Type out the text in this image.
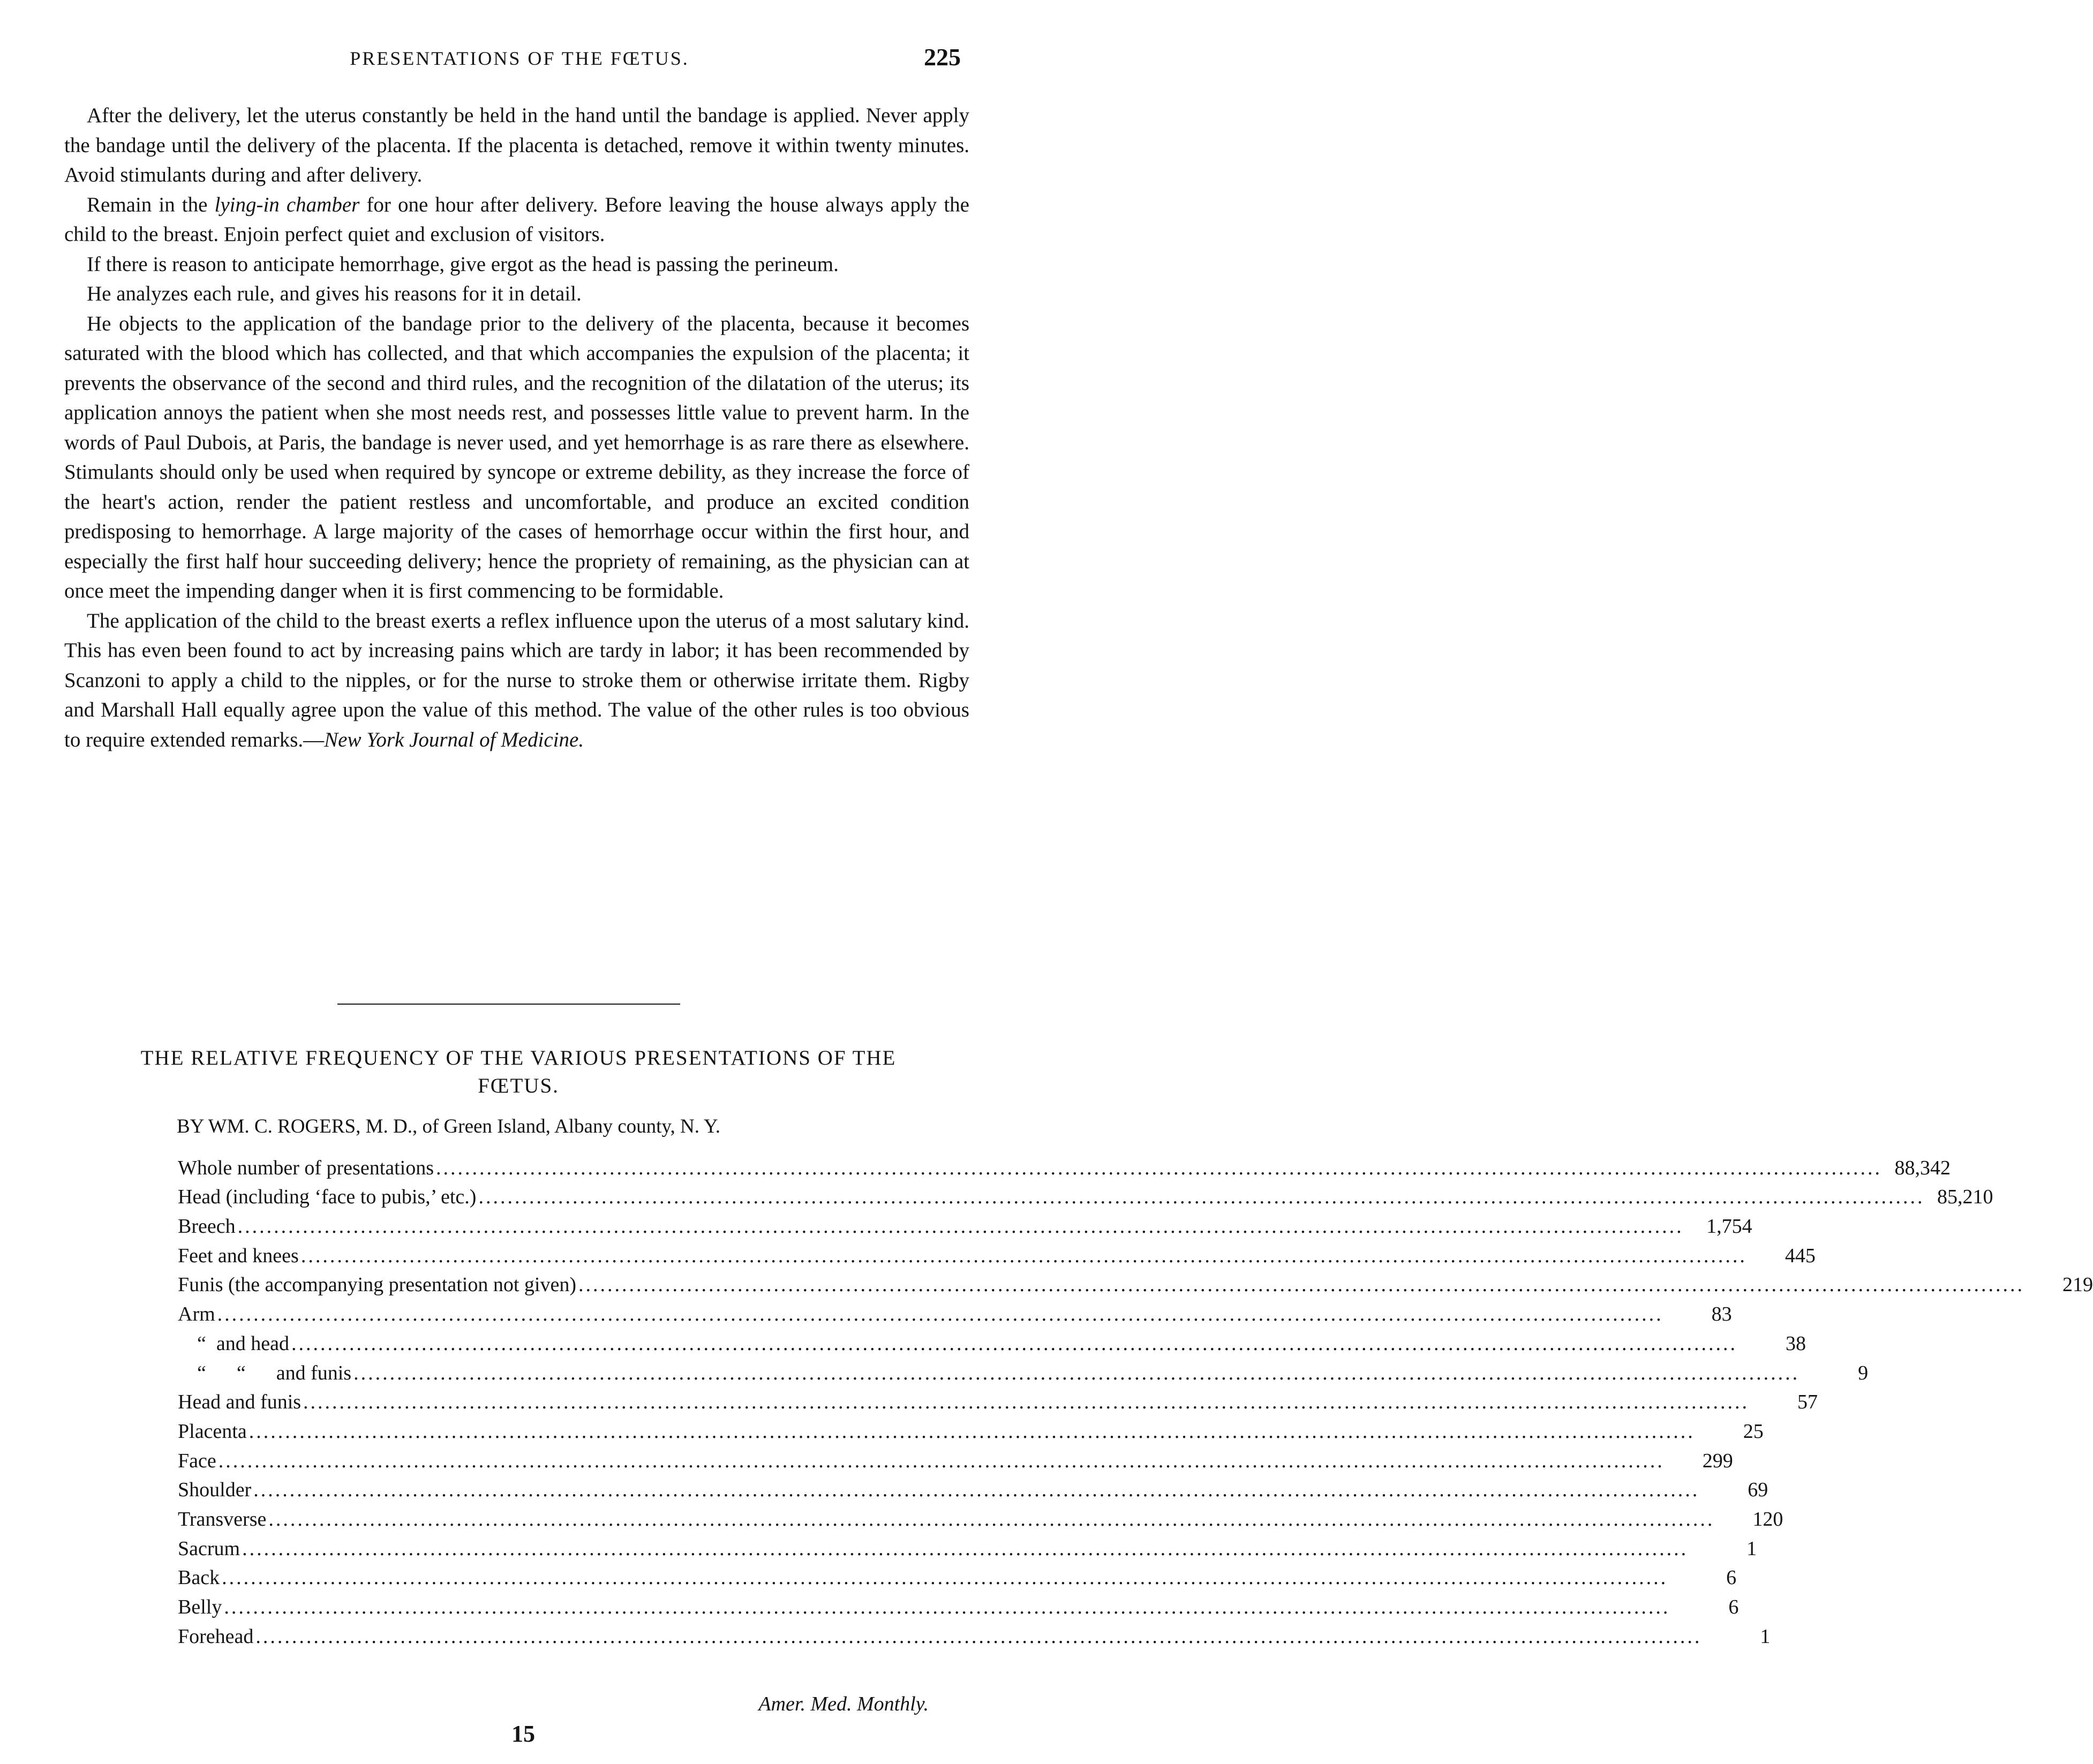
PRESENTATIONS OF THE FŒTUS.	225

After the delivery, let the uterus constantly be held in the hand until the bandage is applied. Never apply the bandage until the delivery of the placenta. If the placenta is detached, remove it within twenty minutes. Avoid stimulants during and after delivery.

Remain in the lying-in chamber for one hour after delivery. Before leaving the house always apply the child to the breast. Enjoin perfect quiet and exclusion of visitors.

If there is reason to anticipate hemorrhage, give ergot as the head is passing the perineum.

He analyzes each rule, and gives his reasons for it in detail.

He objects to the application of the bandage prior to the delivery of the placenta, because it becomes saturated with the blood which has collected, and that which accompanies the expulsion of the placenta; it prevents the observance of the second and third rules, and the recognition of the dilatation of the uterus; its application annoys the patient when she most needs rest, and possesses little value to prevent harm. In the words of Paul Dubois, at Paris, the bandage is never used, and yet hemorrhage is as rare there as elsewhere. Stimulants should only be used when required by syncope or extreme debility, as they increase the force of the heart's action, render the patient restless and uncomfortable, and produce an excited condition predisposing to hemorrhage. A large majority of the cases of hemorrhage occur within the first hour, and especially the first half hour succeeding delivery; hence the propriety of remaining, as the physician can at once meet the impending danger when it is first commencing to be formidable.

The application of the child to the breast exerts a reflex influence upon the uterus of a most salutary kind. This has even been found to act by increasing pains which are tardy in labor; it has been recommended by Scanzoni to apply a child to the nipples, or for the nurse to stroke them or otherwise irritate them. Rigby and Marshall Hall equally agree upon the value of this method. The value of the other rules is too obvious to require extended remarks.—New York Journal of Medicine.

THE RELATIVE FREQUENCY OF THE VARIOUS PRESENTATIONS OF THE
FŒTUS.
BY WM. C. ROGERS, M. D., of Green Island, Albany county, N. Y.
Whole number of presentations ........................................................................................................................................................................................................ 88,342
Head (including ‘face to pubis,’ etc.) ........................................................................................................................................................................................................ 85,210
Breech ........................................................................................................................................................................................................	1,754
Feet and knees ........................................................................................................................................................................................................	445
Funis (the accompanying presentation not given) ........................................................................................................................................................................................................	219
Arm ........................................................................................................................................................................................................	83
“  and head ........................................................................................................................................................................................................	38
“      “      and funis ........................................................................................................................................................................................................	9
Head and funis ........................................................................................................................................................................................................	57
Placenta ........................................................................................................................................................................................................	25
Face ........................................................................................................................................................................................................	299
Shoulder ........................................................................................................................................................................................................	69
Transverse ........................................................................................................................................................................................................	120
Sacrum ........................................................................................................................................................................................................	1
Back ........................................................................................................................................................................................................	6
Belly ........................................................................................................................................................................................................	6
Forehead ........................................................................................................................................................................................................	1
Amer. Med. Monthly.
15
